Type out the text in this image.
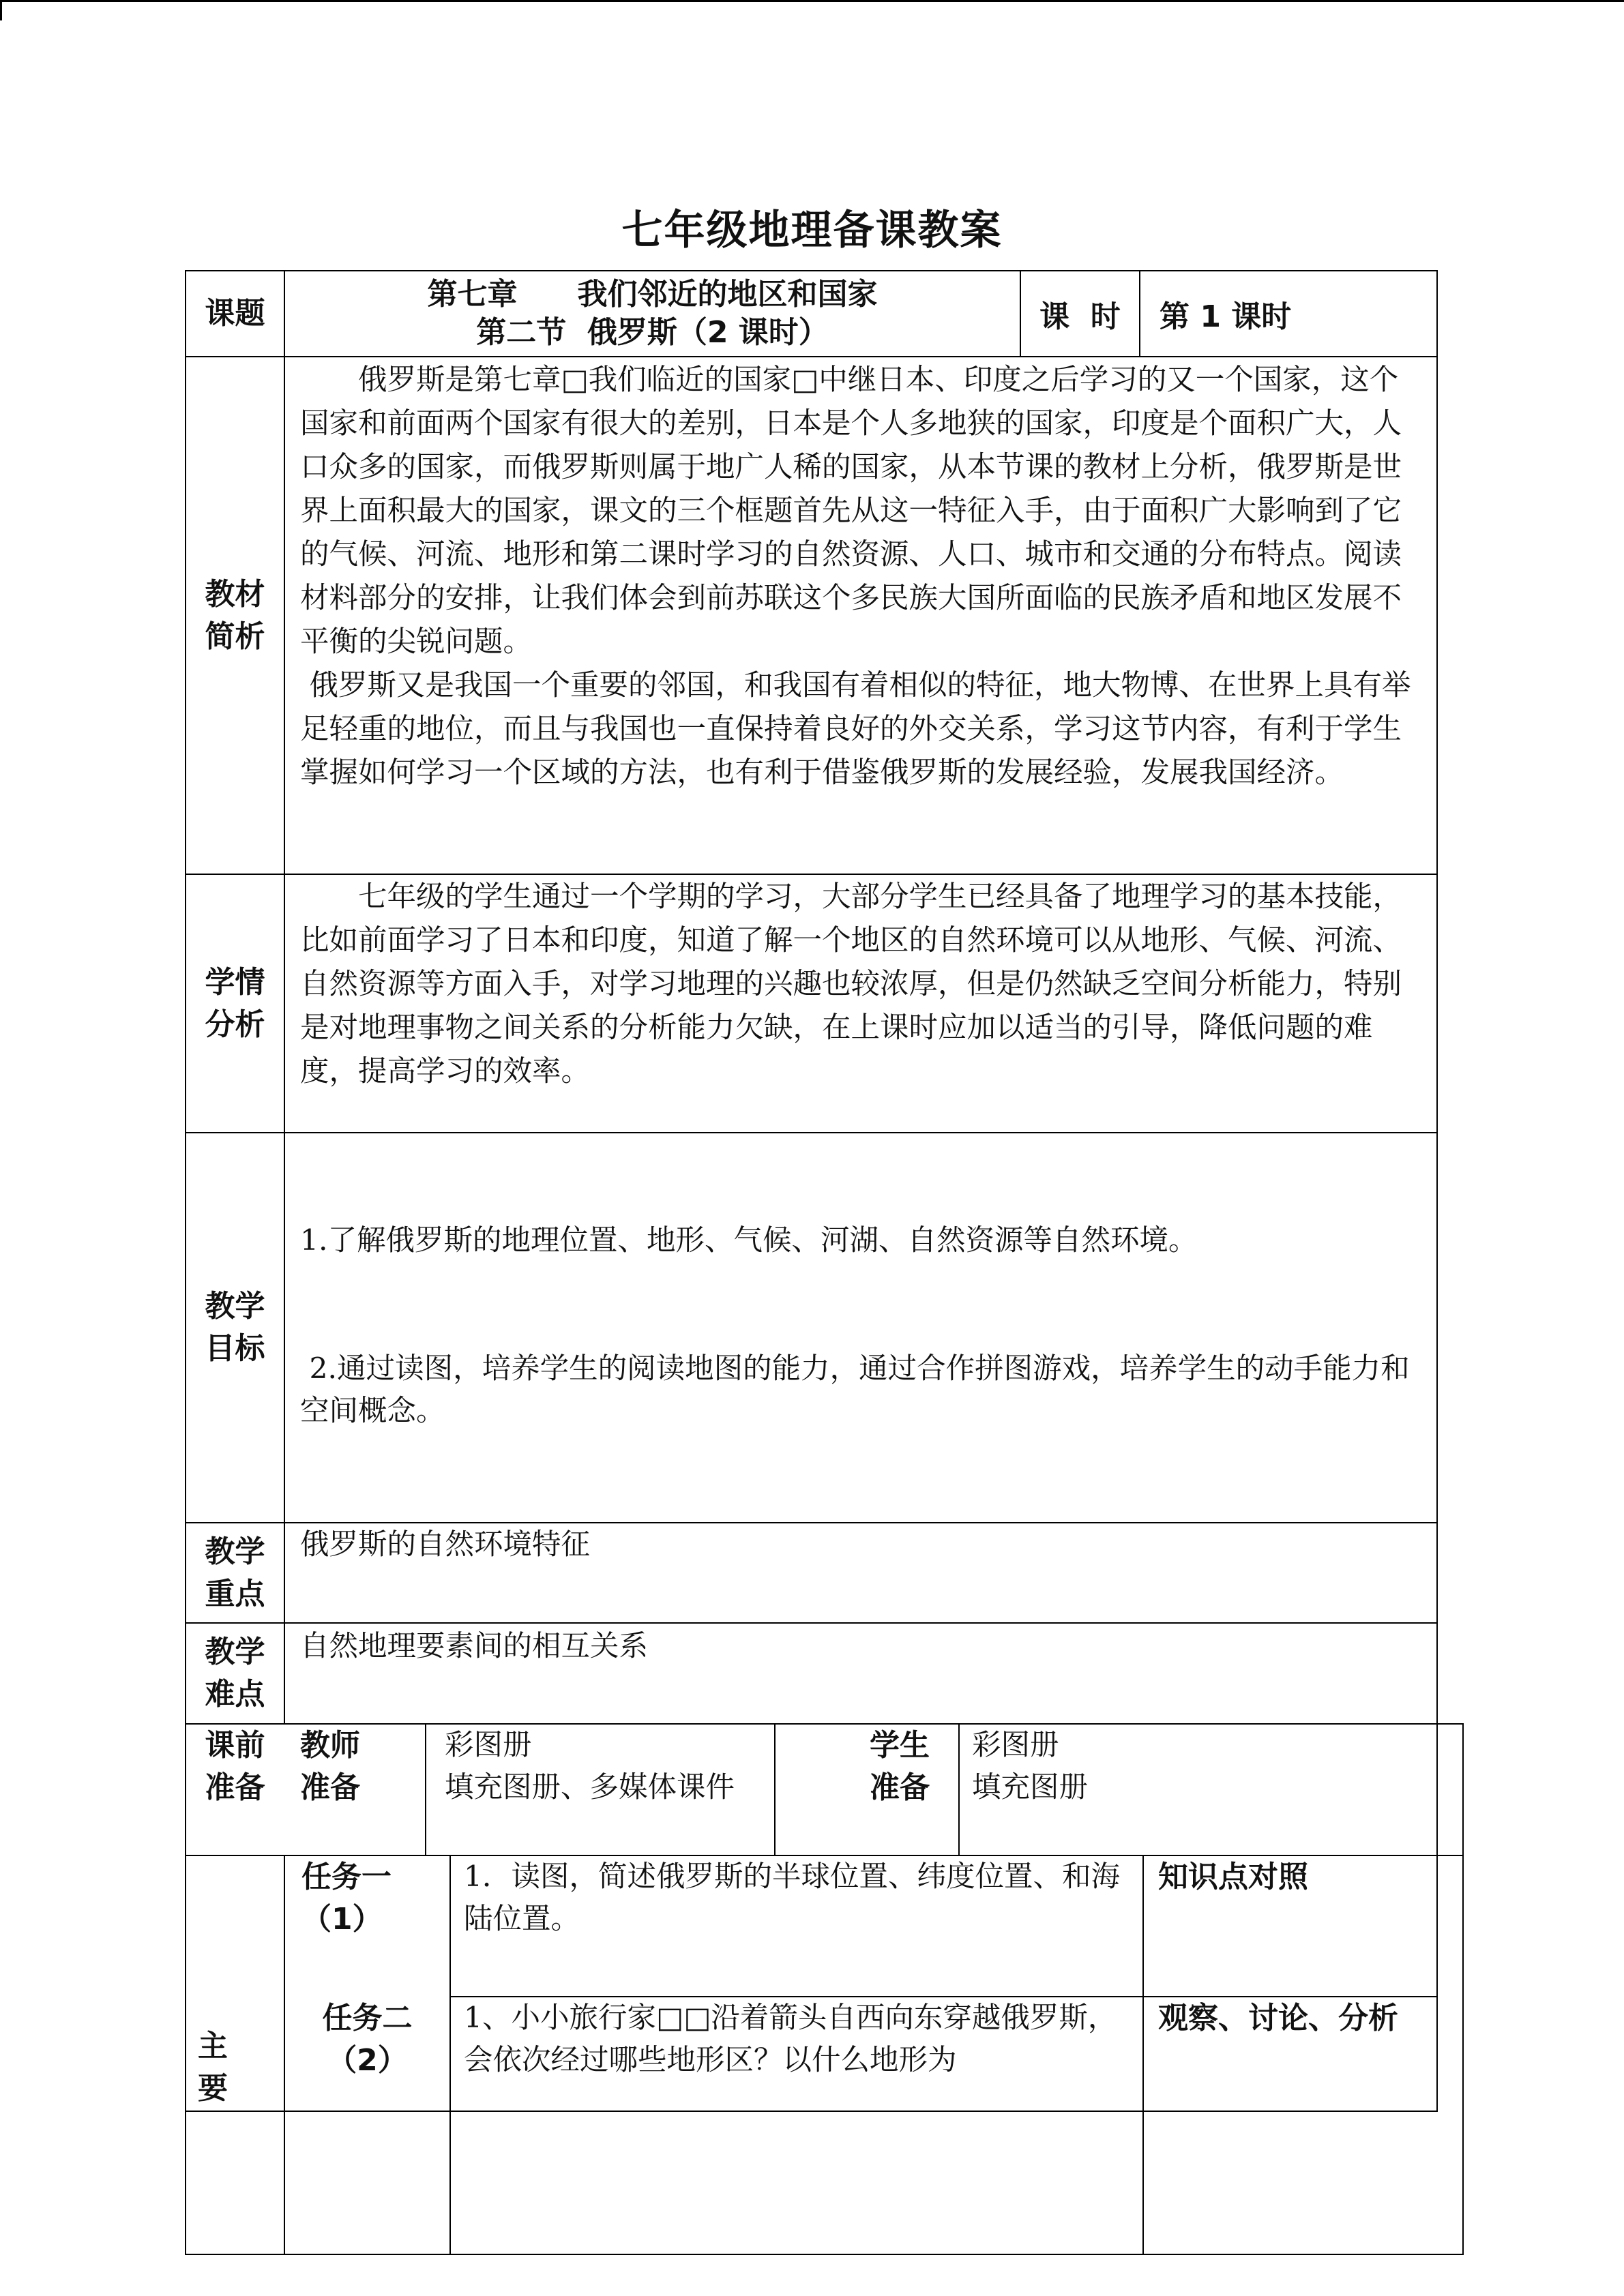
七年级地理备课教案
课题
第七章　　我们邻近的地区和国家
第二节  俄罗斯（2 课时）	课  时	第 1 课时
教材简析
　　俄罗斯是第七章□我们临近的国家□中继日本、印度之后学习的又一个国家，这个国家和前面两个国家有很大的差别，日本是个人多地狭的国家，印度是个面积广大，人口众多的国家，而俄罗斯则属于地广人稀的国家，从本节课的教材上分析，俄罗斯是世界上面积最大的国家，课文的三个框题首先从这一特征入手，由于面积广大影响到了它的气候、河流、地形和第二课时学习的自然资源、人口、城市和交通的分布特点。阅读材料部分的安排，让我们体会到前苏联这个多民族大国所面临的民族矛盾和地区发展不平衡的尖锐问题。
俄罗斯又是我国一个重要的邻国，和我国有着相似的特征，地大物博、在世界上具有举足轻重的地位，而且与我国也一直保持着良好的外交关系，学习这节内容，有利于学生掌握如何学习一个区域的方法，也有利于借鉴俄罗斯的发展经验，发展我国经济。
学情分析
　　七年级的学生通过一个学期的学习，大部分学生已经具备了地理学习的基本技能，比如前面学习了日本和印度，知道了解一个地区的自然环境可以从地形、气候、河流、自然资源等方面入手，对学习地理的兴趣也较浓厚，但是仍然缺乏空间分析能力，特别是对地理事物之间关系的分析能力欠缺，在上课时应加以适当的引导，降低问题的难度，提高学习的效率。
教学目标

1.了解俄罗斯的地理位置、地形、气候、河湖、自然资源等自然环境。

2.通过读图，培养学生的阅读地图的能力，通过合作拼图游戏，培养学生的动手能力和空间概念。

教学重点
俄罗斯的自然环境特征
教学难点
自然地理要素间的相互关系
课前准备
教师准备
彩图册
填充图册、多媒体课件
学生准备
彩图册
填充图册
主要
任务一
（1）
1．读图，简述俄罗斯的半球位置、纬度位置、和海陆位置。
知识点对照
任务二
（2）
1、小小旅行家□□沿着箭头自西向东穿越俄罗斯，会依次经过哪些地形区？以什么地形为
观察、讨论、分析
